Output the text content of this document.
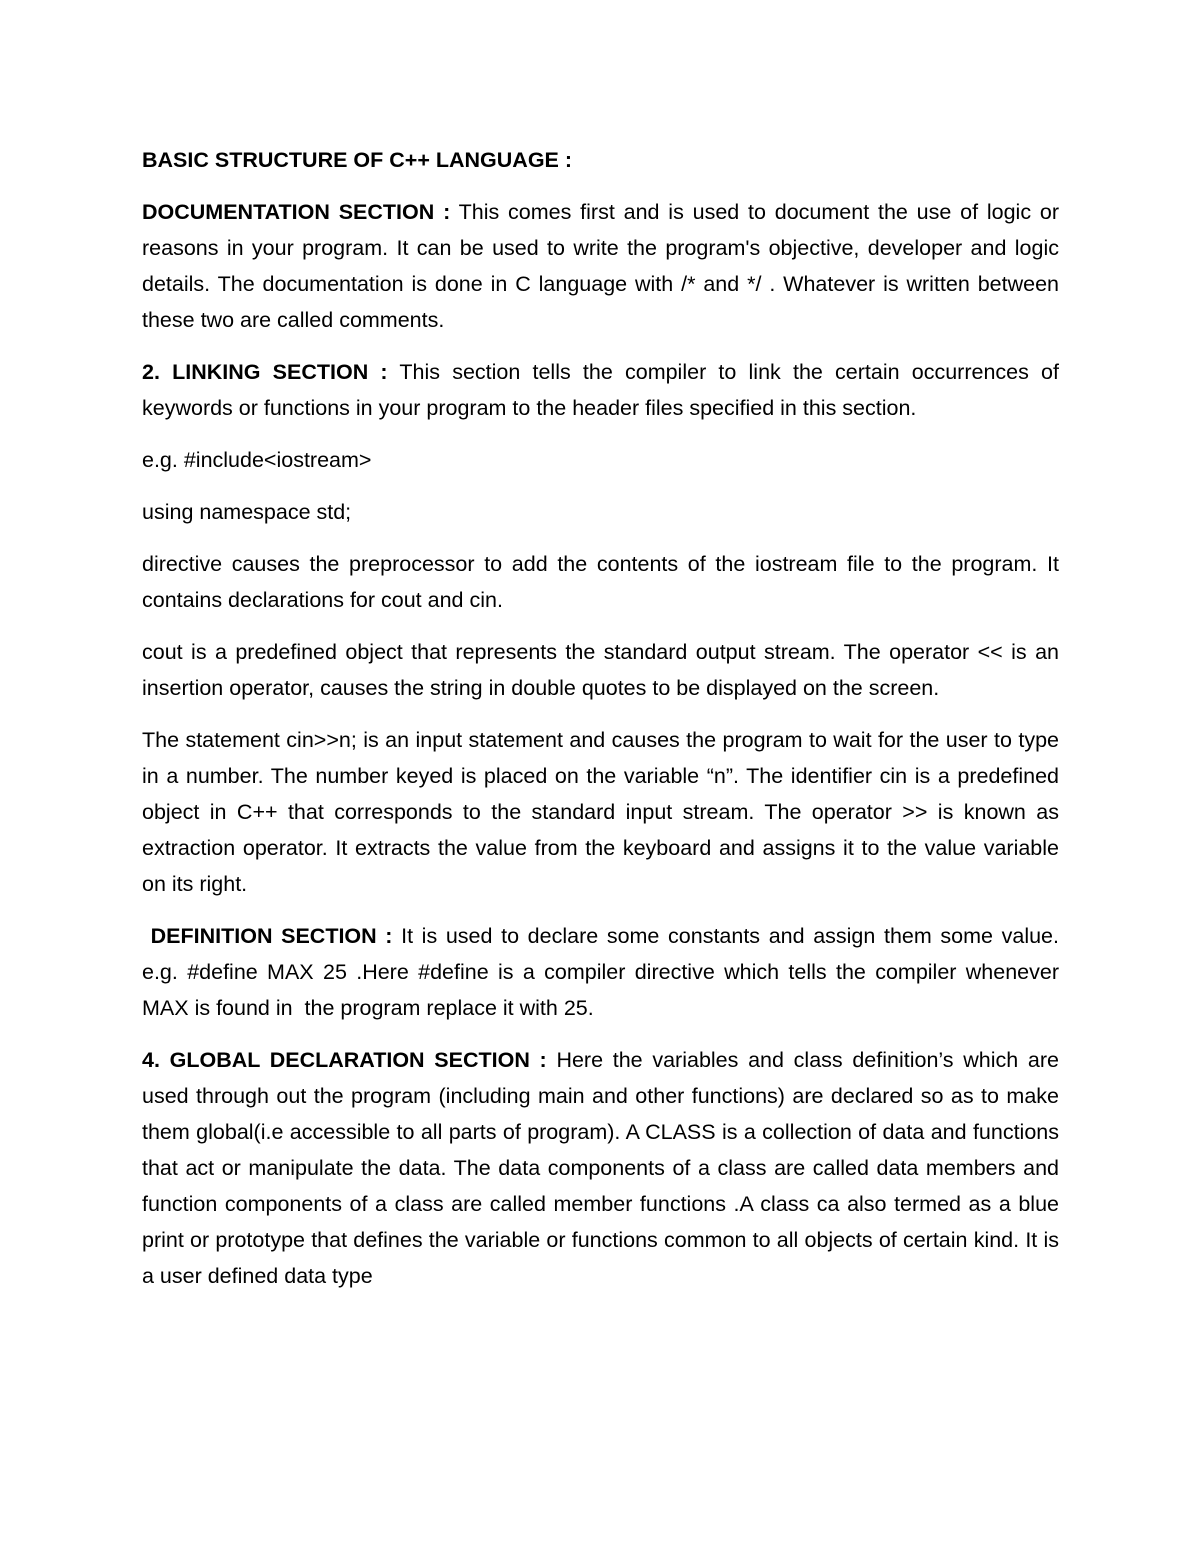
BASIC STRUCTURE OF C++ LANGUAGE :

DOCUMENTATION SECTION : This comes first and is used to document the use of logic or reasons in your program. It can be used to write the program's objective, developer and logic details. The documentation is done in C language with /* and */ . Whatever is written between these two are called comments.

2. LINKING SECTION : This section tells the compiler to link the certain occurrences of keywords or functions in your program to the header files specified in this section.

e.g. #include<iostream>

using namespace std;

directive causes the preprocessor to add the contents of the iostream file to the program. It contains declarations for cout and cin.

cout is a predefined object that represents the standard output stream. The operator << is an insertion operator, causes the string in double quotes to be displayed on the screen.

The statement cin>>n; is an input statement and causes the program to wait for the user to type in a number. The number keyed is placed on the variable “n”. The identifier cin is a predefined object in C++ that corresponds to the standard input stream. The operator >> is known as extraction operator. It extracts the value from the keyboard and assigns it to the value variable on its right.

DEFINITION SECTION : It is used to declare some constants and assign them some value. e.g. #define MAX 25 .Here #define is a compiler directive which tells the compiler whenever MAX is found in  the program replace it with 25.

4. GLOBAL DECLARATION SECTION : Here the variables and class definition’s which are used through out the program (including main and other functions) are declared so as to make them global(i.e accessible to all parts of program). A CLASS is a collection of data and functions that act or manipulate the data. The data components of a class are called data members and function components of a class are called member functions .A class ca also termed as a blue print or prototype that defines the variable or functions common to all objects of certain kind. It is a user defined data type
